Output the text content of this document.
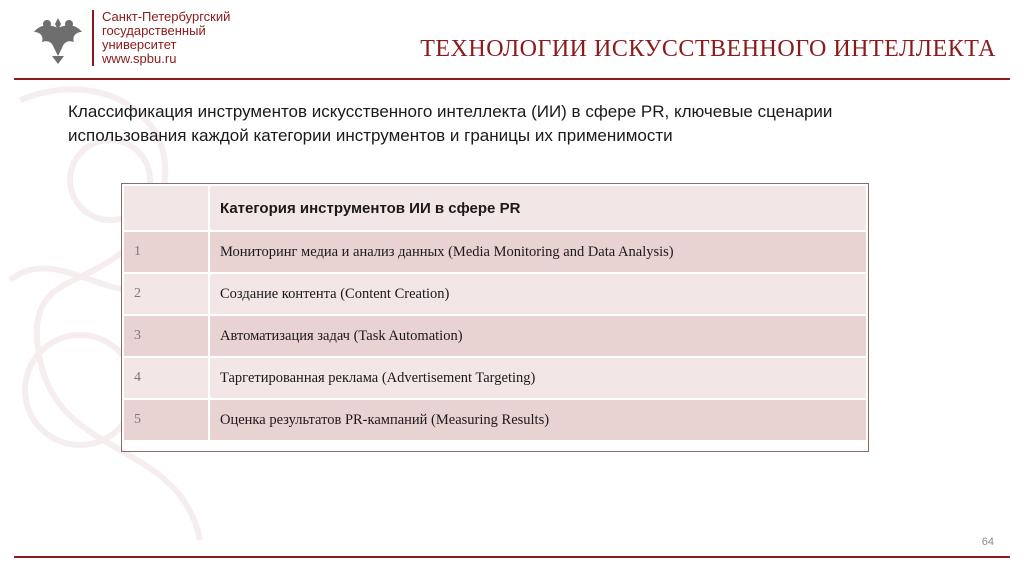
Санкт-Петербургский
государственный
университет
www.spbu.ru	ТЕХНОЛОГИИ ИСКУССТВЕННОГО ИНТЕЛЛЕКТА
Классификация инструментов искусственного интеллекта (ИИ) в сфере PR, ключевые сценарии
использования каждой категории инструментов и границы их применимости
	Категория инструментов ИИ в сфере PR
1	Мониторинг медиа и анализ данных (Media Monitoring and Data Analysis)
2	Создание контента (Content Creation)
3	Автоматизация задач (Task Automation)
4	Таргетированная реклама (Advertisement Targeting)
5	Оценка результатов PR-кампаний (Measuring Results)
64
